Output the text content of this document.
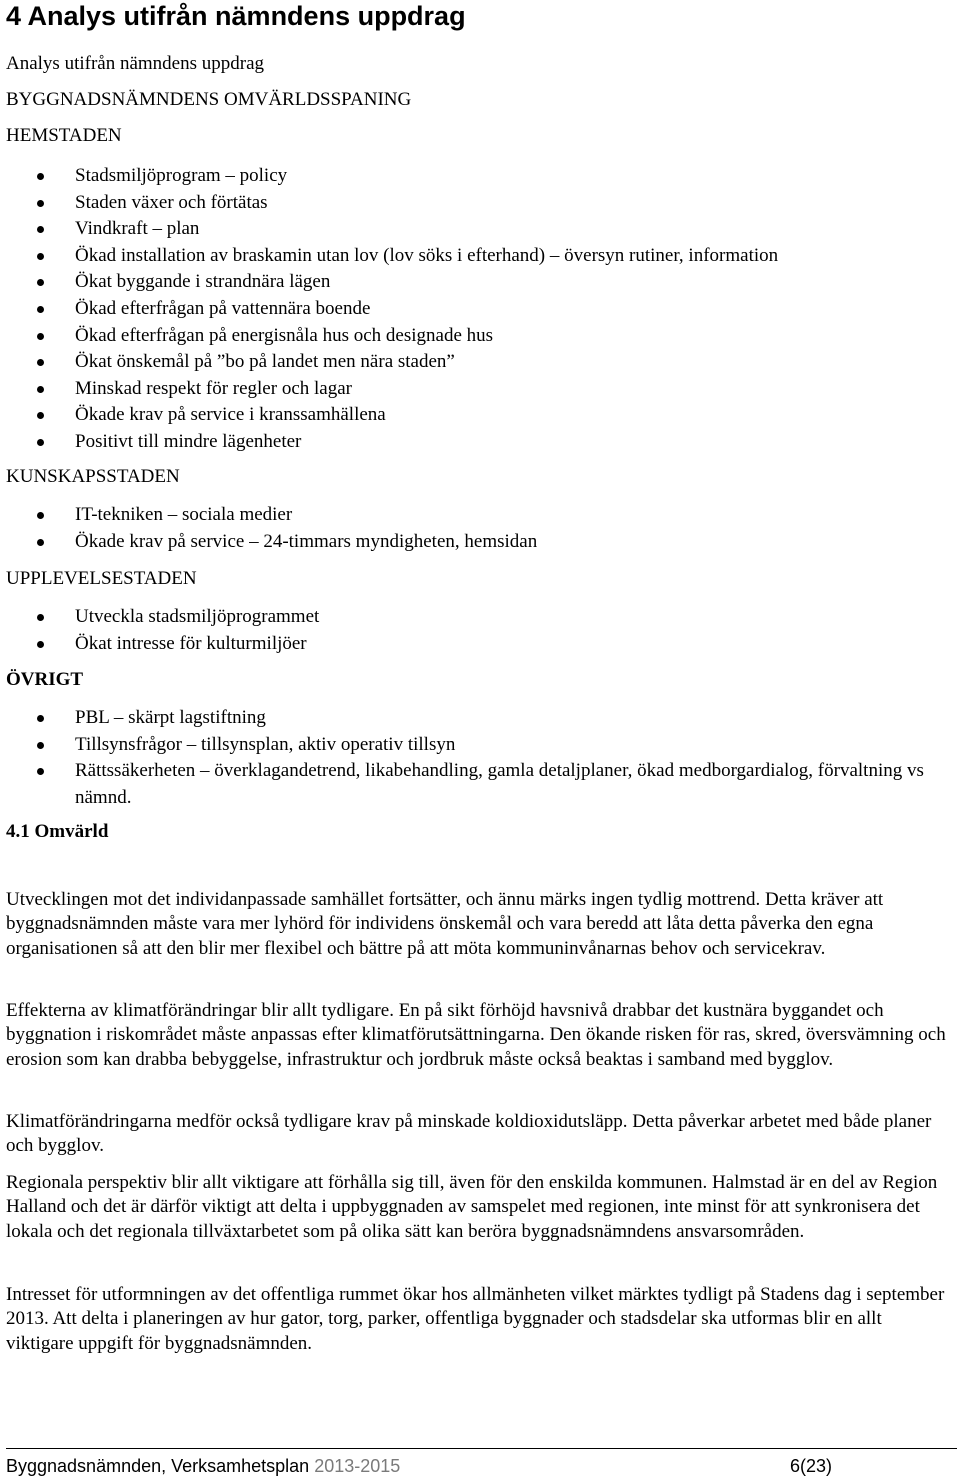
4 Analys utifrån nämndens uppdrag
Analys utifrån nämndens uppdrag
BYGGNADSNÄMNDENS OMVÄRLDSSPANING
HEMSTADEN
Stadsmiljöprogram – policy
Staden växer och förtätas
Vindkraft – plan
Ökad installation av braskamin utan lov (lov söks i efterhand) – översyn rutiner, information
Ökat byggande i strandnära lägen
Ökad efterfrågan på vattennära boende
Ökad efterfrågan på energisnåla hus och designade hus
Ökat önskemål på ”bo på landet men nära staden”
Minskad respekt för regler och lagar
Ökade krav på service i kranssamhällena
Positivt till mindre lägenheter
KUNSKAPSSTADEN
IT-tekniken – sociala medier
Ökade krav på service – 24-timmars myndigheten, hemsidan
UPPLEVELSESTADEN
Utveckla stadsmiljöprogrammet
Ökat intresse för kulturmiljöer
ÖVRIGT
PBL – skärpt lagstiftning
Tillsynsfrågor – tillsynsplan, aktiv operativ tillsyn
Rättssäkerheten – överklagandetrend, likabehandling, gamla detaljplaner, ökad medborgardialog, förvaltning vs nämnd.
4.1 Omvärld

Utvecklingen mot det individanpassade samhället fortsätter, och ännu märks ingen tydlig mottrend. Detta kräver att byggnadsnämnden måste vara mer lyhörd för individens önskemål och vara beredd att låta detta påverka den egna organisationen så att den blir mer flexibel och bättre på att möta kommuninvånarnas behov och servicekrav.

Effekterna av klimatförändringar blir allt tydligare. En på sikt förhöjd havsnivå drabbar det kustnära byggandet och byggnation i riskområdet måste anpassas efter klimatförutsättningarna. Den ökande risken för ras, skred, översvämning och erosion som kan drabba bebyggelse, infrastruktur och jordbruk måste också beaktas i samband med bygglov.

Klimatförändringarna medför också tydligare krav på minskade koldioxidutsläpp. Detta påverkar arbetet med både planer och bygglov.

Regionala perspektiv blir allt viktigare att förhålla sig till, även för den enskilda kommunen. Halmstad är en del av Region Halland och det är därför viktigt att delta i uppbyggnaden av samspelet med regionen, inte minst för att synkronisera det lokala och det regionala tillväxtarbetet som på olika sätt kan beröra byggnadsnämndens ansvarsområden.

Intresset för utformningen av det offentliga rummet ökar hos allmänheten vilket märktes tydligt på Stadens dag i september 2013. Att delta i planeringen av hur gator, torg, parker, offentliga byggnader och stadsdelar ska utformas blir en allt viktigare uppgift för byggnadsnämnden.

Byggnadsnämnden, Verksamhetsplan 2013-2015	6(23)
